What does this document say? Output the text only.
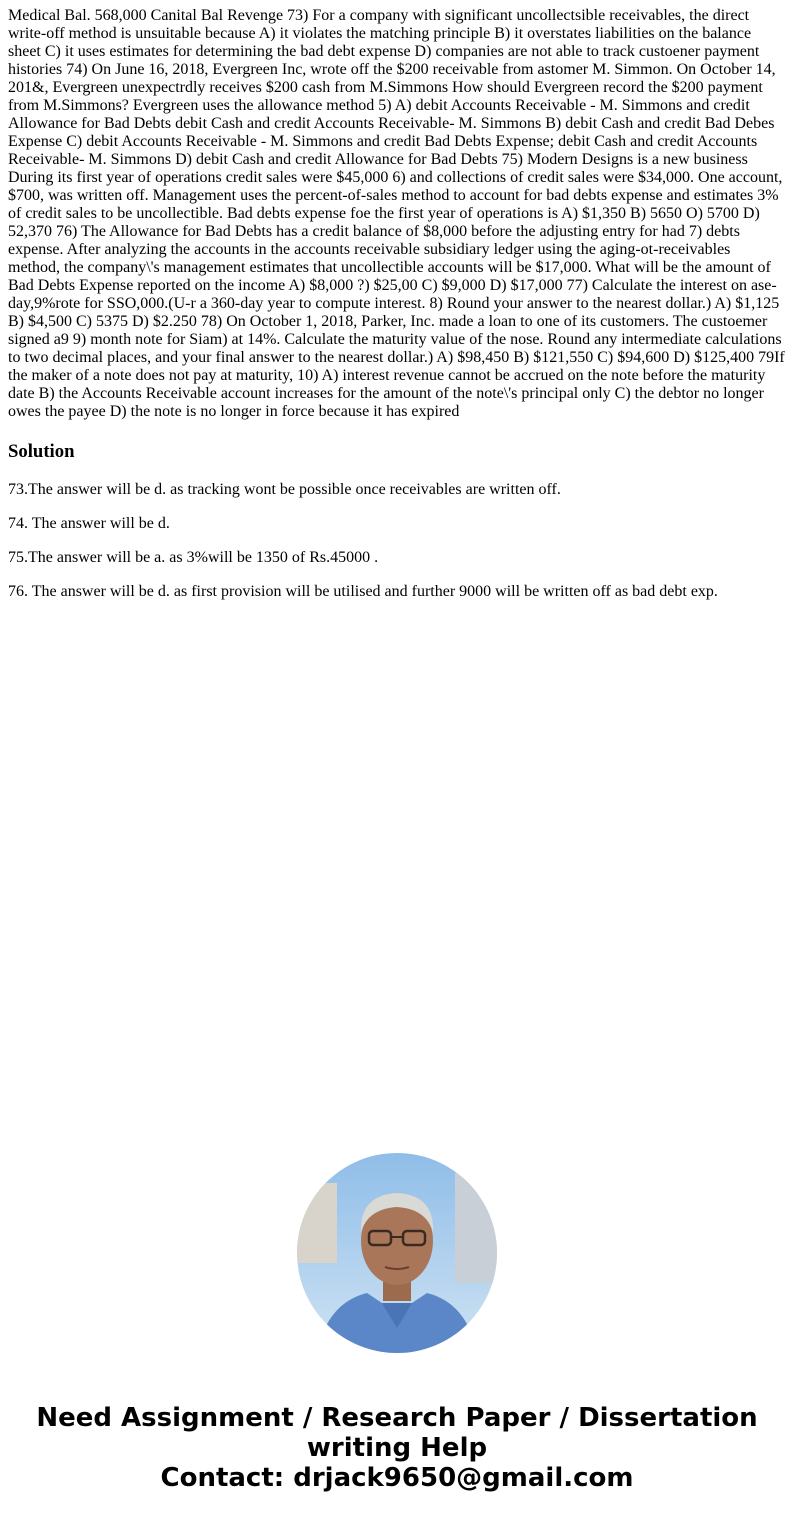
Medical Bal. 568,000 Canital Bal Revenge 73) For a company with significant uncollectsible receivables, the direct write-off method is unsuitable because A) it violates the matching principle B) it overstates liabilities on the balance sheet C) it uses estimates for determining the bad debt expense D) companies are not able to track custoener payment histories 74) On June 16, 2018, Evergreen Inc, wrote off the $200 receivable from astomer M. Simmon. On October 14, 201&, Evergreen unexpectrdly receives $200 cash from M.Simmons How should Evergreen record the $200 payment from M.Simmons? Evergreen uses the allowance method 5) A) debit Accounts Receivable - M. Simmons and credit Allowance for Bad Debts debit Cash and credit Accounts Receivable- M. Simmons B) debit Cash and credit Bad Debes Expense C) debit Accounts Receivable - M. Simmons and credit Bad Debts Expense; debit Cash and credit Accounts Receivable- M. Simmons D) debit Cash and credit Allowance for Bad Debts 75) Modern Designs is a new business During its first year of operations credit sales were $45,000 6) and collections of credit sales were $34,000. One account, $700, was written off. Management uses the percent-of-sales method to account for bad debts expense and estimates 3% of credit sales to be uncollectible. Bad debts expense foe the first year of operations is A) $1,350 B) 5650 O) 5700 D) 52,370 76) The Allowance for Bad Debts has a credit balance of $8,000 before the adjusting entry for had 7) debts expense. After analyzing the accounts in the accounts receivable subsidiary ledger using the aging-ot-receivables method, the company\'s management estimates that uncollectible accounts will be $17,000. What will be the amount of Bad Debts Expense reported on the income A) $8,000 ?) $25,00 C) $9,000 D) $17,000 77) Calculate the interest on ase-day,9%rote for SSO,000.(U-r a 360-day year to compute interest. 8) Round your answer to the nearest dollar.) A) $1,125 B) $4,500 C) 5375 D) $2.250 78) On October 1, 2018, Parker, Inc. made a loan to one of its customers. The custoemer signed a9 9) month note for Siam) at 14%. Calculate the maturity value of the nose. Round any intermediate calculations to two decimal places, and your final answer to the nearest dollar.) A) $98,450 B) $121,550 C) $94,600 D) $125,400 79If the maker of a note does not pay at maturity, 10) A) interest revenue cannot be accrued on the note before the maturity date B) the Accounts Receivable account increases for the amount of the note\'s principal only C) the debtor no longer owes the payee D) the note is no longer in force because it has expired

Solution

73.The answer will be d. as tracking wont be possible once receivables are written off.

74. The answer will be d.

75.The answer will be a. as 3%will be 1350 of Rs.45000 .

76. The answer will be d. as first provision will be utilised and further 9000 will be written off as bad debt exp.

Need Assignment / Research Paper / Dissertation
writing Help
Contact: drjack9650@gmail.com
